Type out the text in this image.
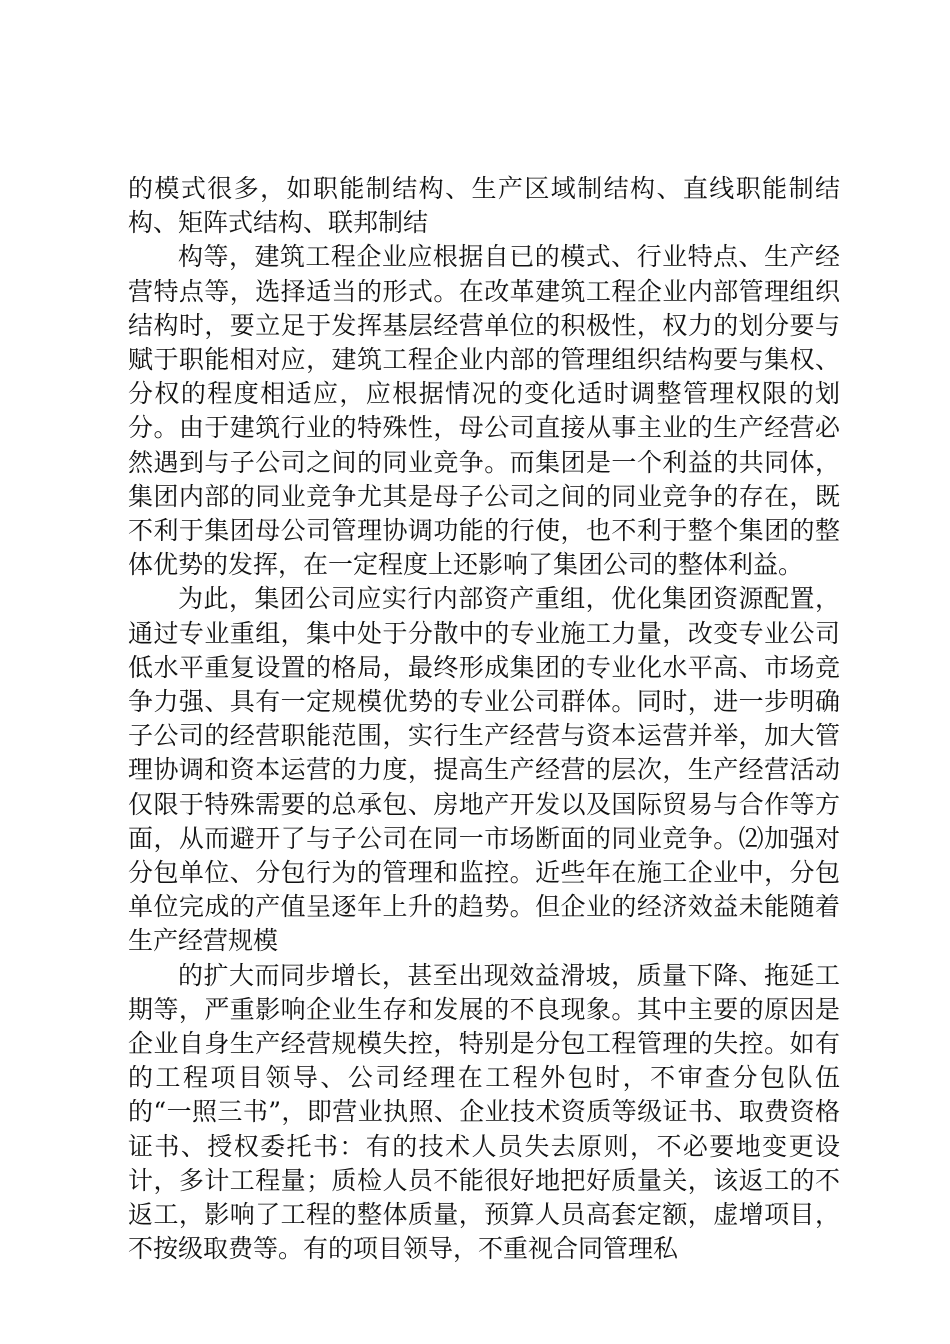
的模式很多，如职能制结构、生产区域制结构、直线职能制结构、矩阵式结构、联邦制结

构等，建筑工程企业应根据自已的模式、行业特点、生产经营特点等，选择适当的形式。在改革建筑工程企业内部管理组织结构时，要立足于发挥基层经营单位的积极性，权力的划分要与赋于职能相对应，建筑工程企业内部的管理组织结构要与集权、分权的程度相适应，应根据情况的变化适时调整管理权限的划分。由于建筑行业的特殊性，母公司直接从事主业的生产经营必然遇到与子公司之间的同业竞争。而集团是一个利益的共同体，集团内部的同业竞争尤其是母子公司之间的同业竞争的存在，既不利于集团母公司管理协调功能的行使，也不利于整个集团的整体优势的发挥，在一定程度上还影响了集团公司的整体利益。

为此，集团公司应实行内部资产重组，优化集团资源配置，通过专业重组，集中处于分散中的专业施工力量，改变专业公司低水平重复设置的格局，最终形成集团的专业化水平高、市场竞争力强、具有一定规模优势的专业公司群体。同时，进一步明确子公司的经营职能范围，实行生产经营与资本运营并举，加大管理协调和资本运营的力度，提高生产经营的层次，生产经营活动仅限于特殊需要的总承包、房地产开发以及国际贸易与合作等方面，从而避开了与子公司在同一市场断面的同业竞争。⑵加强对分包单位、分包行为的管理和监控。近些年在施工企业中，分包单位完成的产值呈逐年上升的趋势。但企业的经济效益未能随着生产经营规模

的扩大而同步增长，甚至出现效益滑坡，质量下降、拖延工期等，严重影响企业生存和发展的不良现象。其中主要的原因是企业自身生产经营规模失控，特别是分包工程管理的失控。如有的工程项目领导、公司经理在工程外包时，不审查分包队伍的“一照三书”，即营业执照、企业技术资质等级证书、取费资格证书、授权委托书：有的技术人员失去原则，不必要地变更设计，多计工程量；质检人员不能很好地把好质量关，该返工的不返工，影响了工程的整体质量，预算人员高套定额，虚增项目，不按级取费等。有的项目领导，不重视合同管理私
